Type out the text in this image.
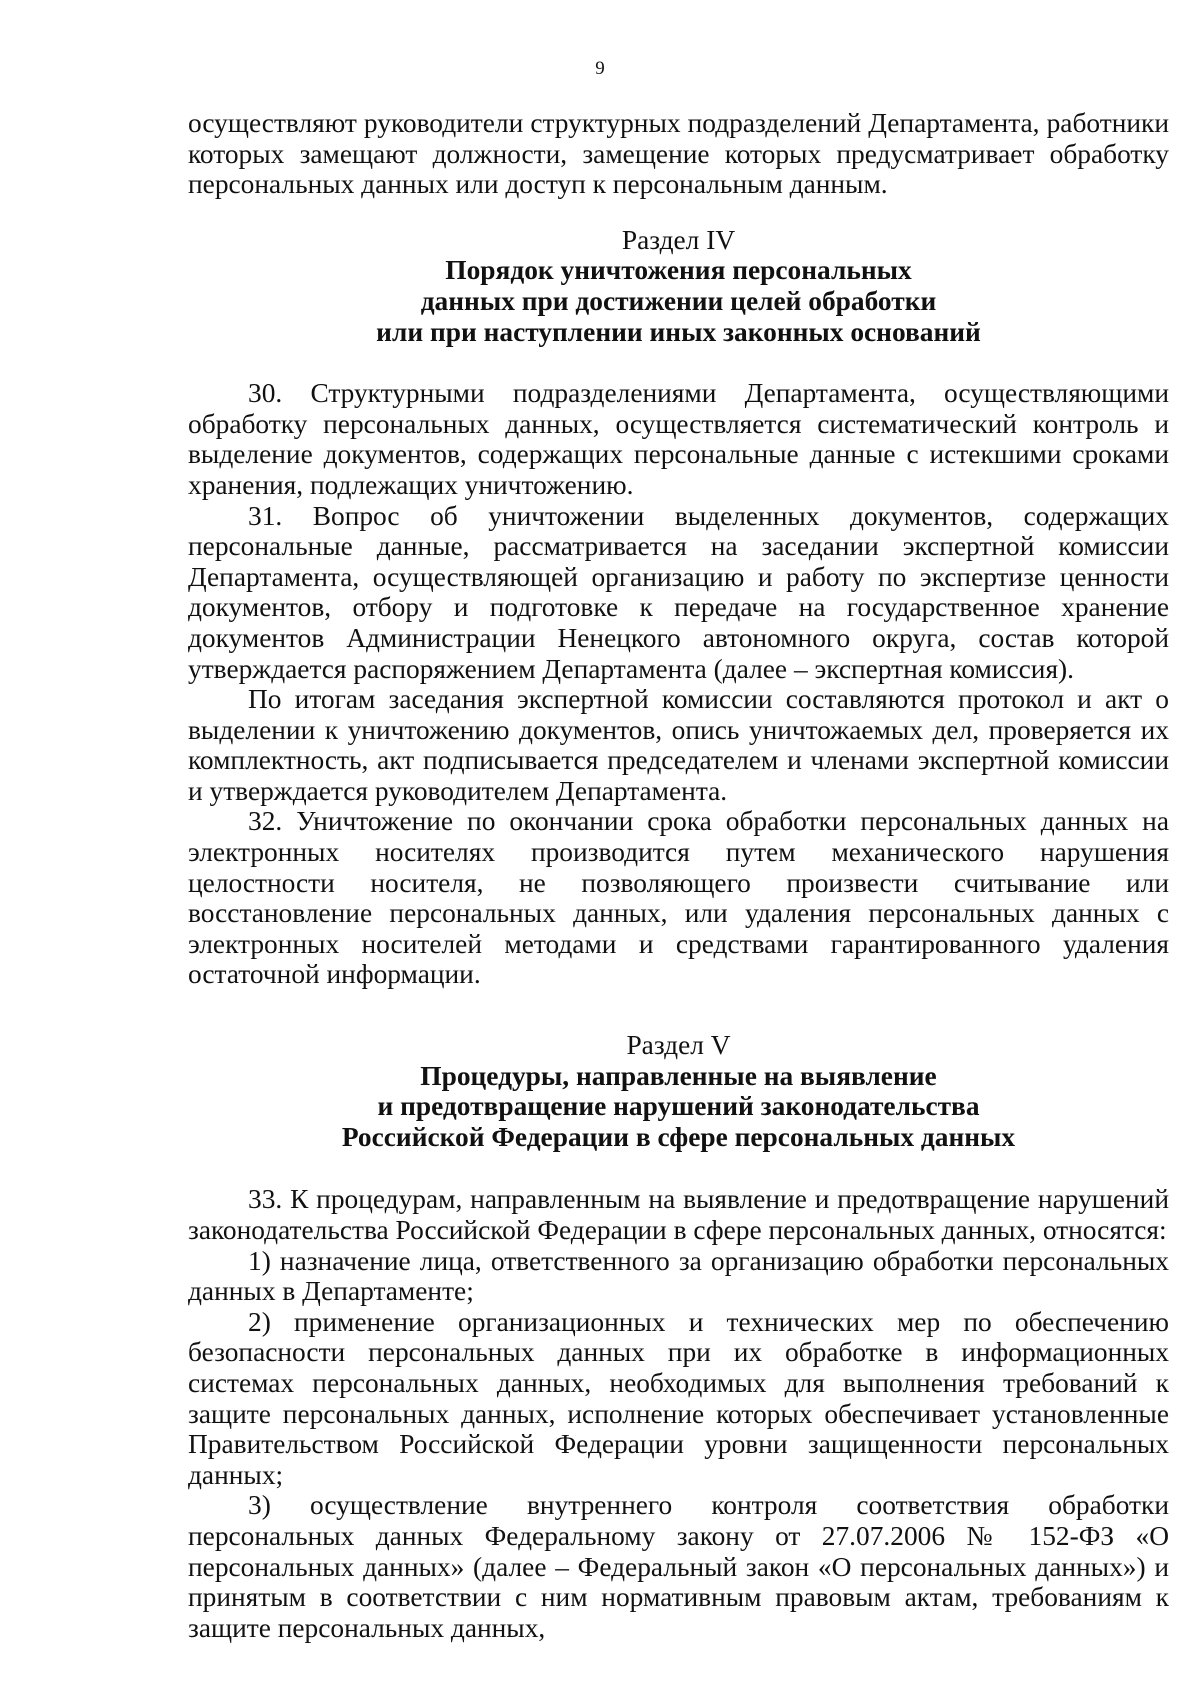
9

осуществляют руководители структурных подразделений Департамента, работники которых замещают должности, замещение которых предусматривает обработку персональных данных или доступ к персональным данным.

Раздел IV

Порядок уничтожения персональных
данных при достижении целей обработки
или при наступлении иных законных оснований

30. Структурными подразделениями Департамента, осуществляющими обработку персональных данных, осуществляется систематический контроль и выделение документов, содержащих персональные данные с истекшими сроками хранения, подлежащих уничтожению.

31. Вопрос об уничтожении выделенных документов, содержащих персональные данные, рассматривается на заседании экспертной комиссии Департамента, осуществляющей организацию и работу по экспертизе ценности документов, отбору и подготовке к передаче на государственное хранение документов Администрации Ненецкого автономного округа, состав которой утверждается распоряжением Департамента (далее – экспертная комиссия).

По итогам заседания экспертной комиссии составляются протокол и акт о выделении к уничтожению документов, опись уничтожаемых дел, проверяется их комплектность, акт подписывается председателем и членами экспертной комиссии и утверждается руководителем Департамента.

32. Уничтожение по окончании срока обработки персональных данных на электронных носителях производится путем механического нарушения целостности носителя, не позволяющего произвести считывание или восстановление персональных данных, или удаления персональных данных с электронных носителей методами и средствами гарантированного удаления остаточной информации.

Раздел V

Процедуры, направленные на выявление
и предотвращение нарушений законодательства
Российской Федерации в сфере персональных данных

33. К процедурам, направленным на выявление и предотвращение нарушений законодательства Российской Федерации в сфере персональных данных, относятся:

1) назначение лица, ответственного за организацию обработки персональных данных в Департаменте;

2) применение организационных и технических мер по обеспечению безопасности персональных данных при их обработке в информационных системах персональных данных, необходимых для выполнения требований к защите персональных данных, исполнение которых обеспечивает установленные Правительством Российской Федерации уровни защищенности персональных данных;

3) осуществление внутреннего контроля соответствия обработки персональных данных Федеральному закону от 27.07.2006 № 152-ФЗ «О персональных данных» (далее – Федеральный закон «О персональных данных») и принятым в соответствии с ним нормативным правовым актам, требованиям к защите персональных данных,
